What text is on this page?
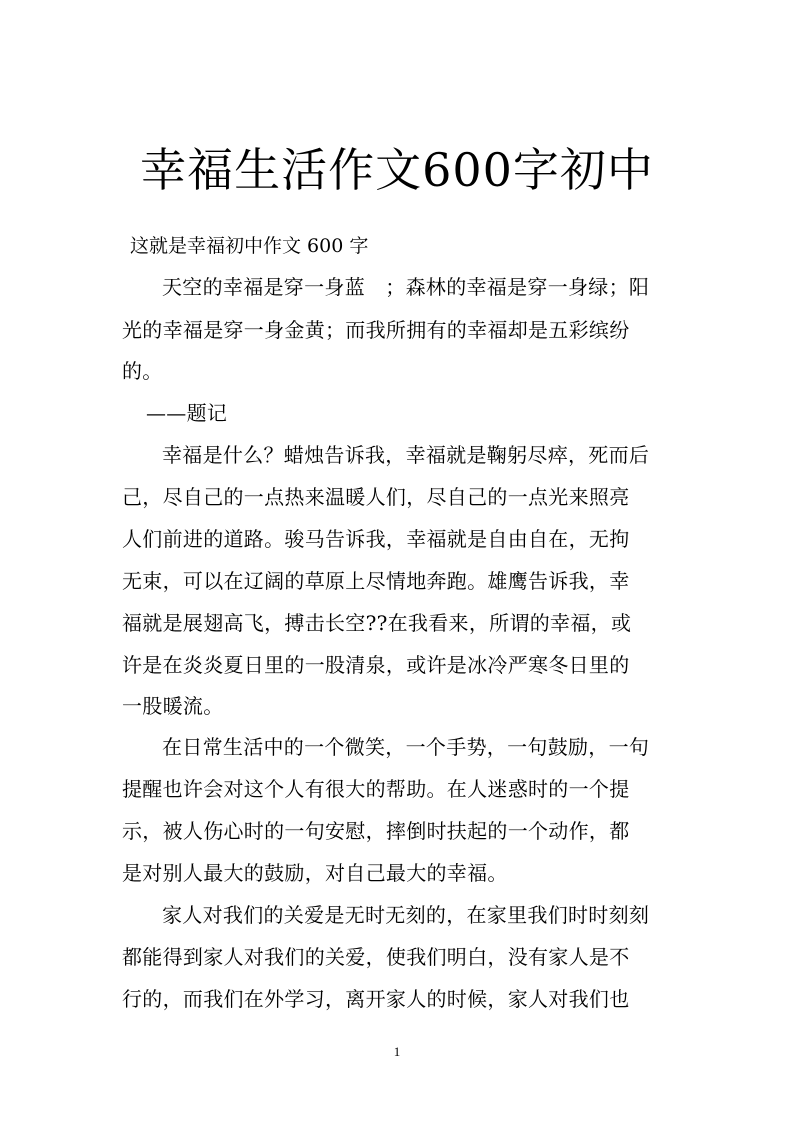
幸福生活作文600字初中
这就是幸福初中作文 600 字
天空的幸福是穿一身蓝　；森林的幸福是穿一身绿；阳
光的幸福是穿一身金黄；而我所拥有的幸福却是五彩缤纷
的。
——题记
幸福是什么？蜡烛告诉我，幸福就是鞠躬尽瘁，死而后
己，尽自己的一点热来温暖人们，尽自己的一点光来照亮
人们前进的道路。骏马告诉我，幸福就是自由自在，无拘
无束，可以在辽阔的草原上尽情地奔跑。雄鹰告诉我，幸
福就是展翅高飞，搏击长空??在我看来，所谓的幸福，或
许是在炎炎夏日里的一股清泉，或许是冰冷严寒冬日里的
一股暖流。
在日常生活中的一个微笑，一个手势，一句鼓励，一句
提醒也许会对这个人有很大的帮助。在人迷惑时的一个提
示，被人伤心时的一句安慰，摔倒时扶起的一个动作，都
是对别人最大的鼓励，对自己最大的幸福。
家人对我们的关爱是无时无刻的，在家里我们时时刻刻
都能得到家人对我们的关爱，使我们明白，没有家人是不
行的，而我们在外学习，离开家人的时候，家人对我们也
1
